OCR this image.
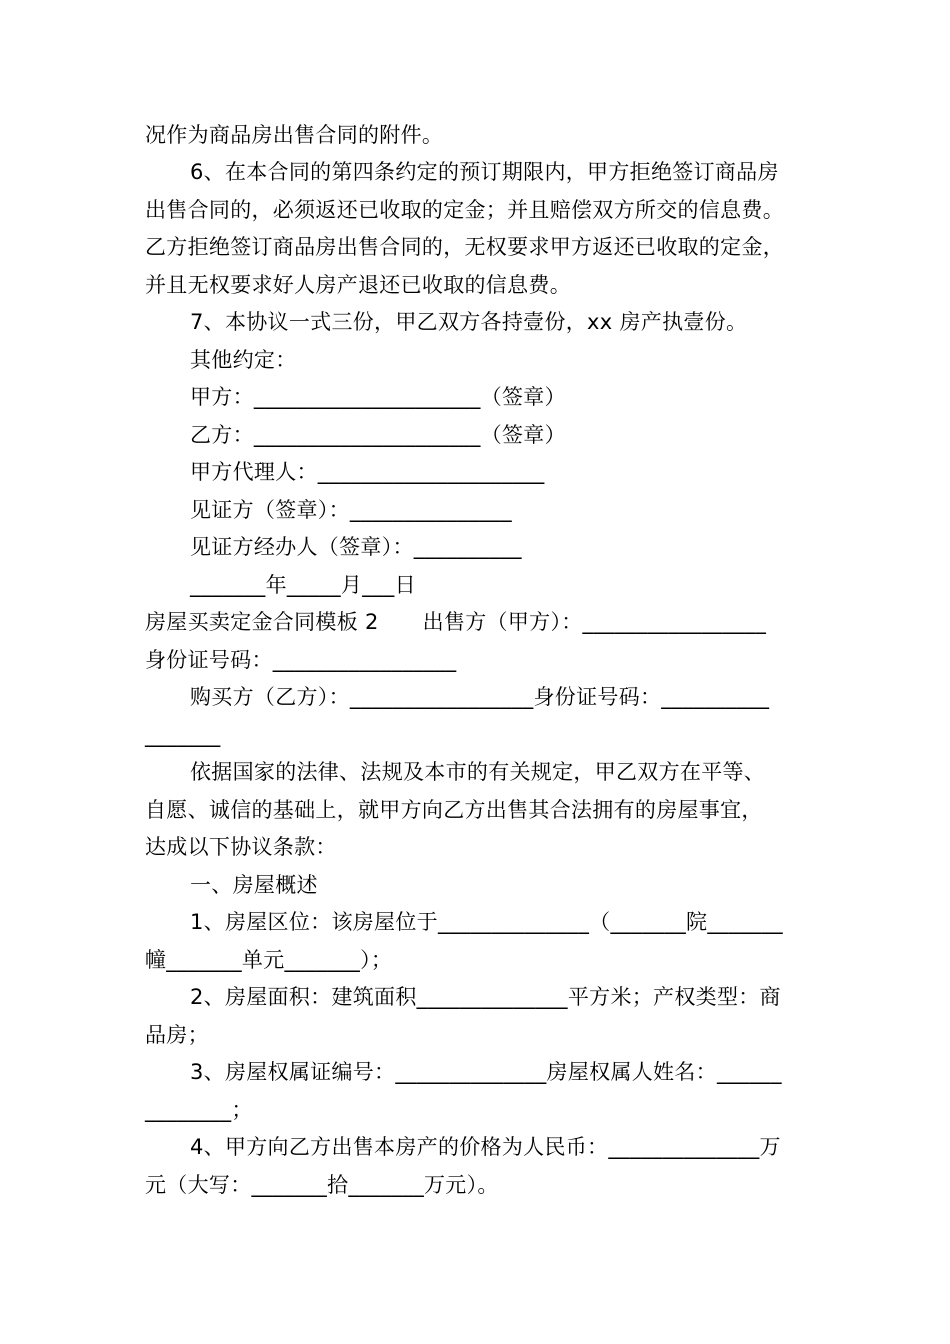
况作为商品房出售合同的附件。
6、在本合同的第四条约定的预订期限内，甲方拒绝签订商品房
出售合同的，必须返还已收取的定金；并且赔偿双方所交的信息费。
乙方拒绝签订商品房出售合同的，无权要求甲方返还已收取的定金，
并且无权要求好人房产退还已收取的信息费。
7、本协议一式三份，甲乙双方各持壹份，xx 房产执壹份。
其他约定：
甲方：_____________________（签章）
乙方：_____________________（签章）
甲方代理人：_____________________
见证方（签章）：_______________
见证方经办人（签章）：__________
_______年_____月___日
房屋买卖定金合同模板 2 出售方（甲方）：_________________
身份证号码：_________________
购买方（乙方）：_________________身份证号码：__________
_______
依据国家的法律、法规及本市的有关规定，甲乙双方在平等、
自愿、诚信的基础上，就甲方向乙方出售其合法拥有的房屋事宜，
达成以下协议条款：
一、房屋概述
1、房屋区位：该房屋位于______________（_______院_______
幢_______单元_______）；
2、房屋面积：建筑面积______________平方米；产权类型：商
品房；
3、房屋权属证编号：______________房屋权属人姓名：______
________；
4、甲方向乙方出售本房产的价格为人民币：______________万
元（大写：_______拾_______万元）。
